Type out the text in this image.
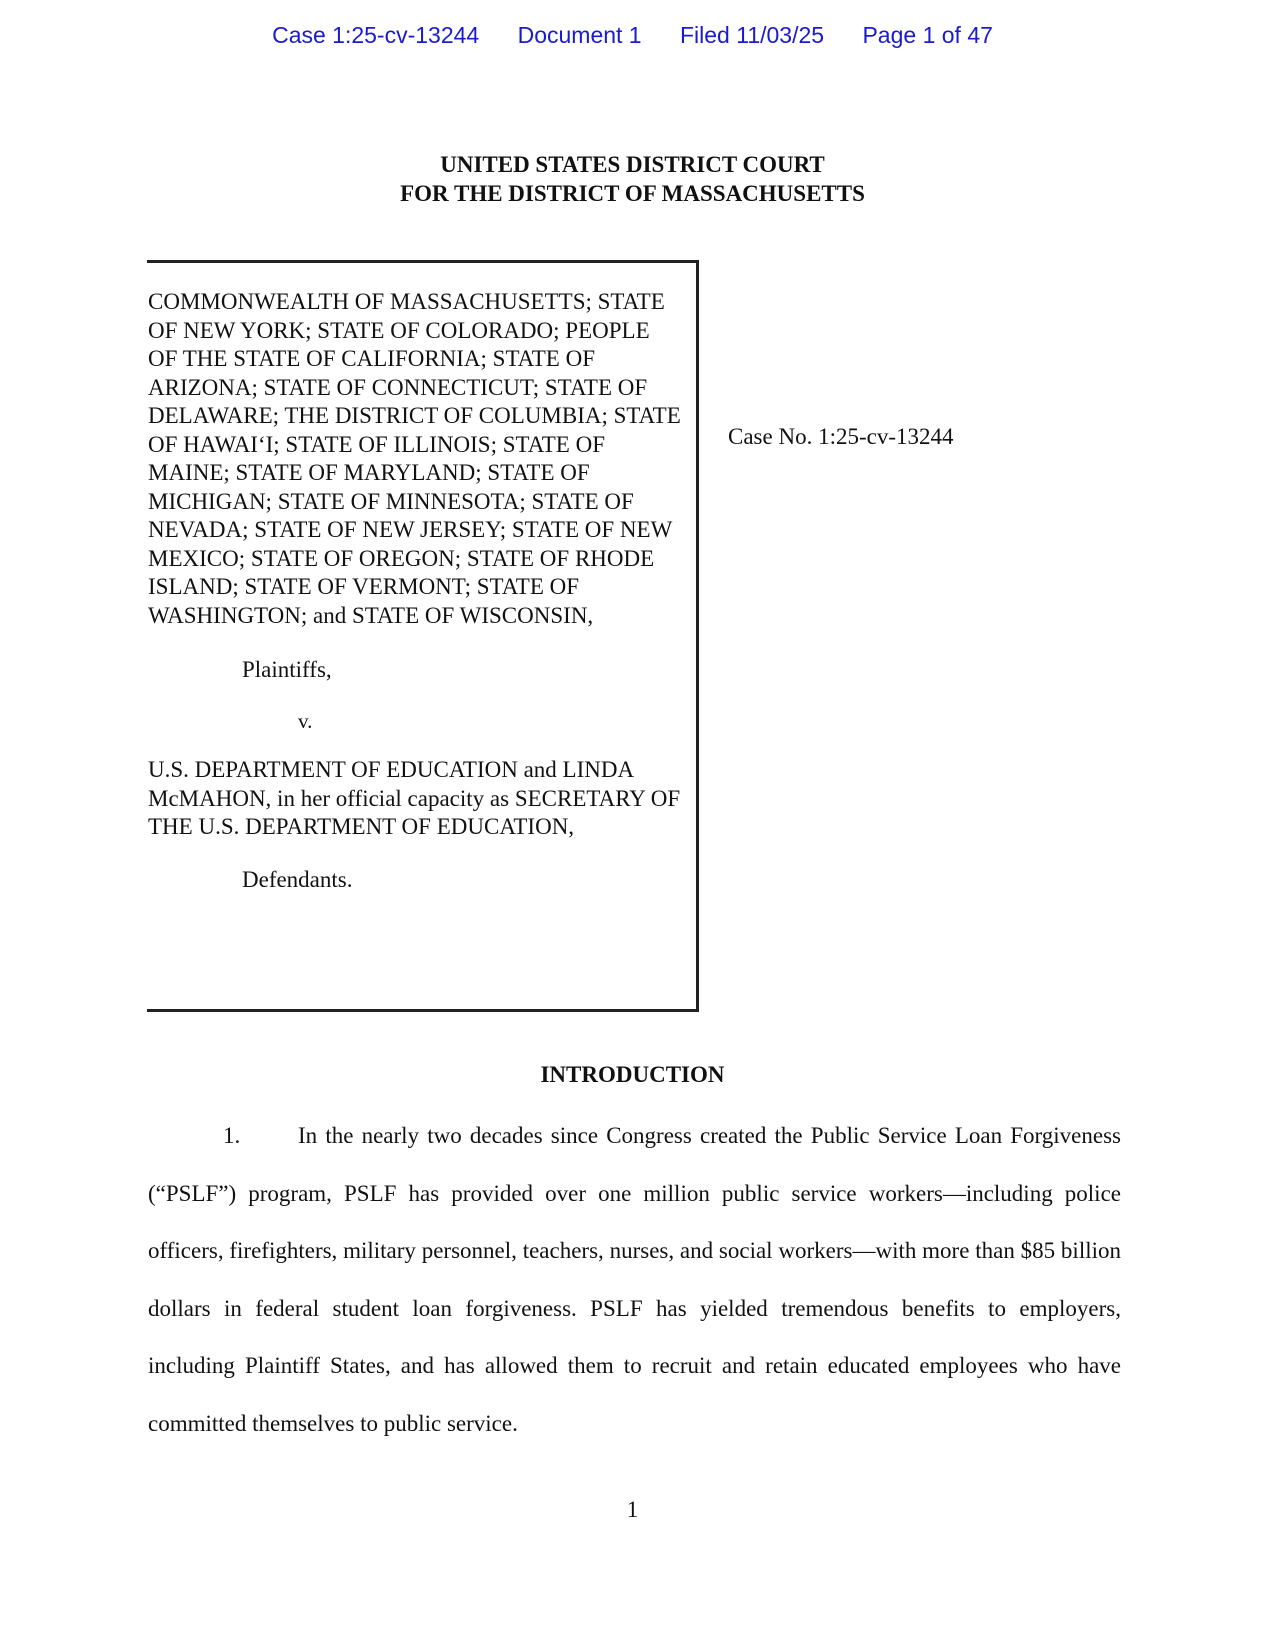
Case 1:25-cv-13244 Document 1 Filed 11/03/25 Page 1 of 47
UNITED STATES DISTRICT COURT
FOR THE DISTRICT OF MASSACHUSETTS
COMMONWEALTH OF MASSACHUSETTS; STATE OF NEW YORK; STATE OF COLORADO; PEOPLE OF THE STATE OF CALIFORNIA; STATE OF ARIZONA; STATE OF CONNECTICUT; STATE OF DELAWARE; THE DISTRICT OF COLUMBIA; STATE OF HAWAI‘I; STATE OF ILLINOIS; STATE OF MAINE; STATE OF MARYLAND; STATE OF MICHIGAN; STATE OF MINNESOTA; STATE OF NEVADA; STATE OF NEW JERSEY; STATE OF NEW MEXICO; STATE OF OREGON; STATE OF RHODE ISLAND; STATE OF VERMONT; STATE OF WASHINGTON; and STATE OF WISCONSIN,
Plaintiffs,
v.
U.S. DEPARTMENT OF EDUCATION and LINDA McMAHON, in her official capacity as SECRETARY OF THE U.S. DEPARTMENT OF EDUCATION,
Defendants.
Case No. 1:25-cv-13244
INTRODUCTION
1.	In the nearly two decades since Congress created the Public Service Loan Forgiveness (“PSLF”) program, PSLF has provided over one million public service workers—including police officers, firefighters, military personnel, teachers, nurses, and social workers—with more than $85 billion dollars in federal student loan forgiveness. PSLF has yielded tremendous benefits to employers, including Plaintiff States, and has allowed them to recruit and retain educated employees who have committed themselves to public service.
1
